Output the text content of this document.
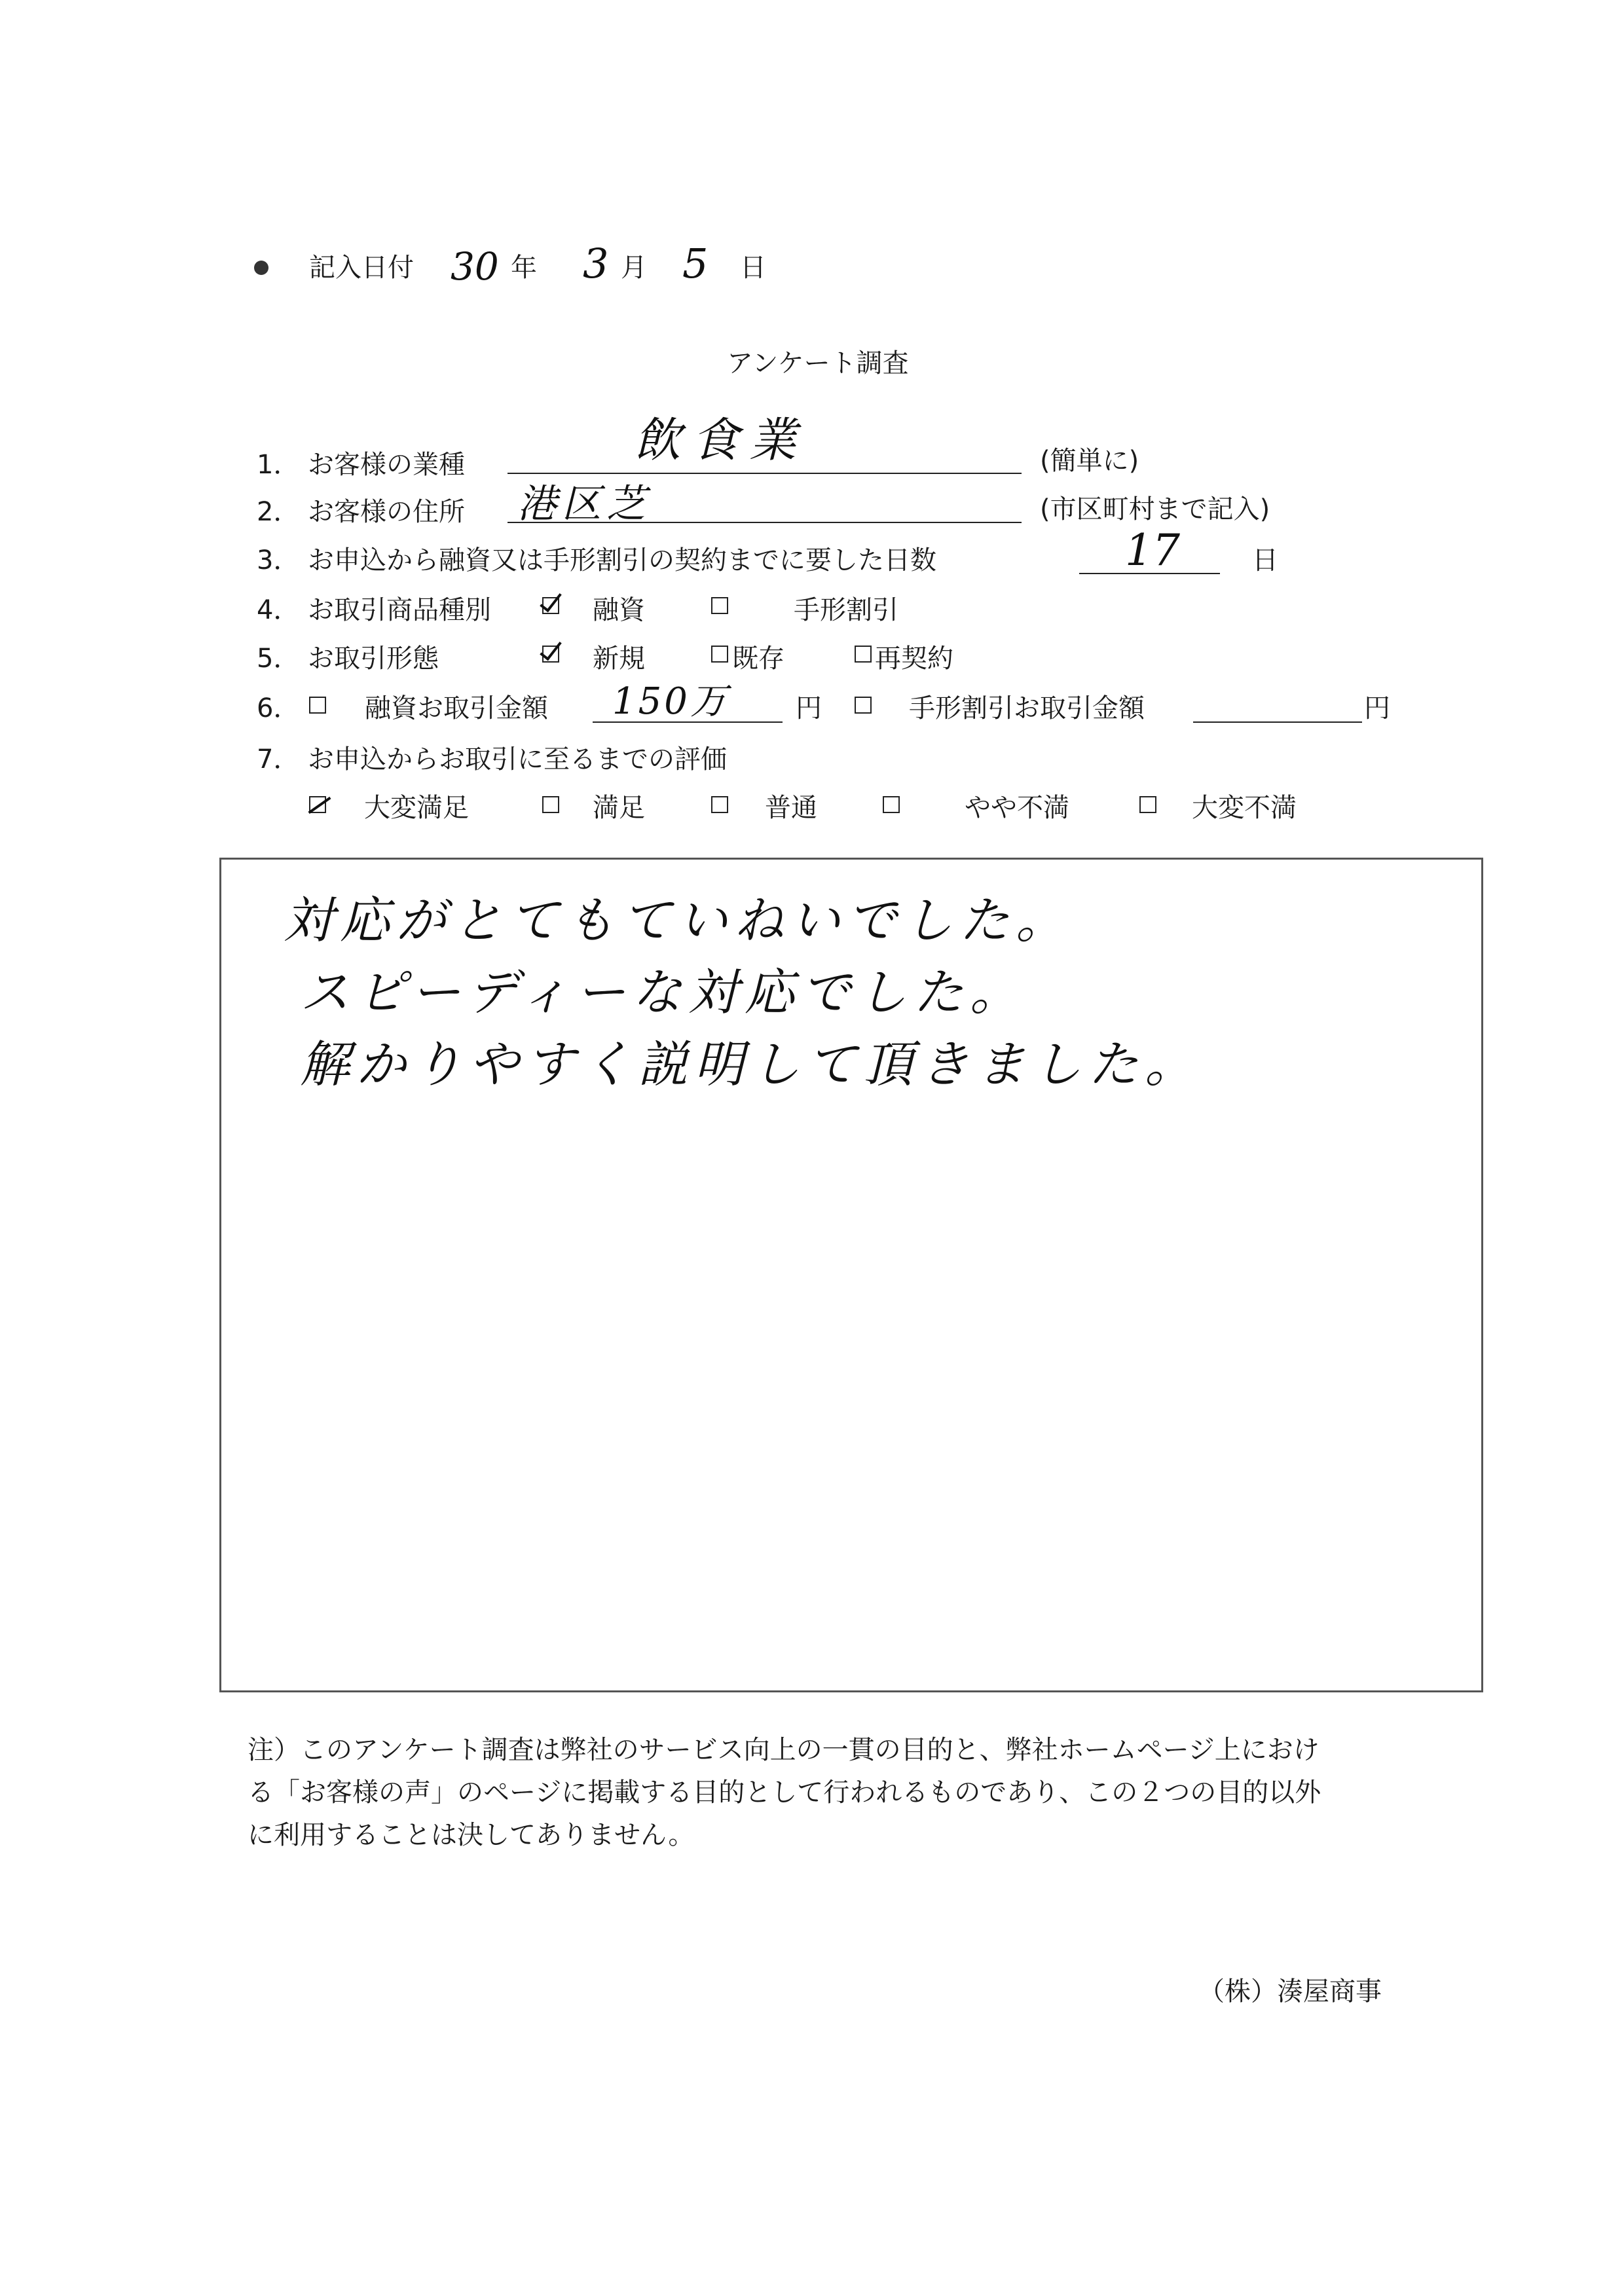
記入日付 30 年 3 月 5 日
アンケート調査
1． お客様の業種	飲食業	(簡単に)
2． お客様の住所 港区芝	(市区町村まで記入)
3． お申込から融資又は手形割引の契約までに要した日数	17	日
4． お取引商品種別	融資	手形割引
5． お取引形態	新規	既存	再契約
6． 融資お取引金額 150万	円	手形割引お取引金額	円
7． お申込からお取引に至るまでの評価
大変満足	満足	普通	やや不満	大変不満
対応がとてもていねいでした。
スピーディーな対応でした。
解かりやすく説明して頂きました。
注）このアンケート調査は弊社のサービス向上の一貫の目的と、弊社ホームページ上におけ
る「お客様の声」のページに掲載する目的として行われるものであり、この２つの目的以外
に利用することは決してありません。
（株）湊屋商事
